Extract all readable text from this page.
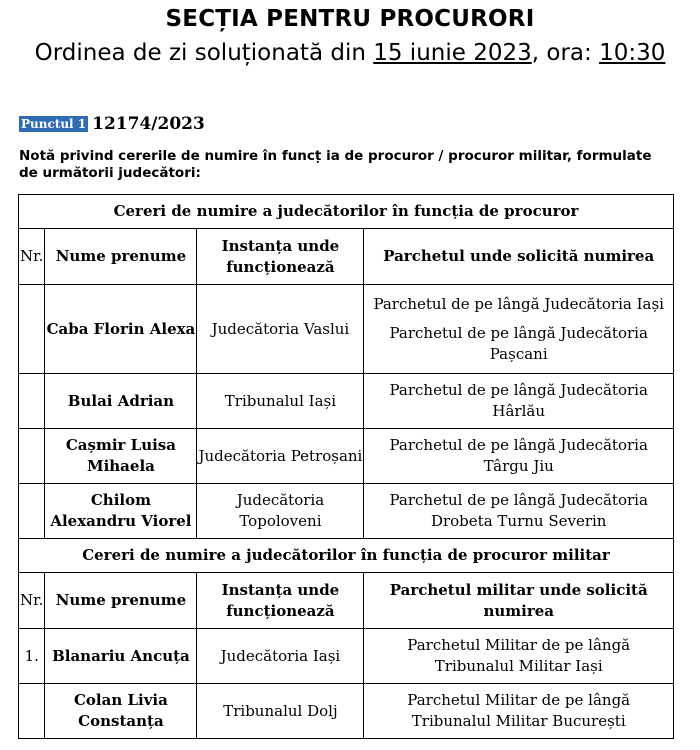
SECȚIA PENTRU PROCURORI
Ordinea de zi soluționată din 15 iunie 2023, ora: 10:30
Punctul 1 12174/2023
Notă privind cererile de numire în funcț ia de procuror / procuror militar, formulate de următorii judecători:
Cereri de numire a judecătorilor în funcția de procuror			
Nr.	Nume prenume	Instanța unde funcționează	Parchetul unde solicită numirea
	Caba Florin Alexa	Judecătoria Vaslui	Parchetul de pe lângă Judecătoria Iași
Parchetul de pe lângă Judecătoria Pașcani

	Bulai Adrian	Tribunalul Iași	Parchetul de pe lângă Judecătoria Hârlău
	Cașmir Luisa Mihaela	Judecătoria Petroșani	Parchetul de pe lângă Judecătoria Târgu Jiu
	Chilom Alexandru Viorel	Judecătoria Topoloveni	Parchetul de pe lângă Judecătoria Drobeta Turnu Severin
Cereri de numire a judecătorilor în funcția de procuror militar			
Nr.	Nume prenume	Instanța unde funcționează	Parchetul militar unde solicită numirea
1.	Blanariu Ancuța	Judecătoria Iași	Parchetul Militar de pe lângă Tribunalul Militar Iași
	Colan Livia Constanța	Tribunalul Dolj	Parchetul Militar de pe lângă Tribunalul Militar București
